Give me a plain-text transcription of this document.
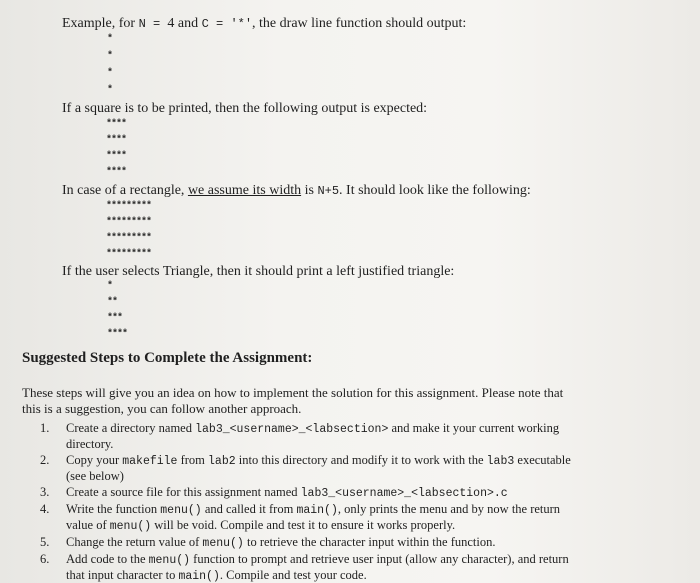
Example, for N = 4 and C = '*', the draw line function should output:
*
*
*
*
If a square is to be printed, then the following output is expected:
****
****
****
****
In case of a rectangle, we assume its width is N+5. It should look like the following:
*********
*********
*********
*********
If the user selects Triangle, then it should print a left justified triangle:
*
**
***
****
Suggested Steps to Complete the Assignment:
These steps will give you an idea on how to implement the solution for this assignment. Please note that this is a suggestion, you can follow another approach.
1. Create a directory named lab3_<username>_<labsection> and make it your current working directory.
2. Copy your makefile from lab2 into this directory and modify it to work with the lab3 executable (see below)
3. Create a source file for this assignment named lab3_<username>_<labsection>.c
4. Write the function menu() and called it from main(), only prints the menu and by now the return value of menu() will be void. Compile and test it to ensure it works properly.
5. Change the return value of menu() to retrieve the character input within the function.
6. Add code to the menu() function to prompt and retrieve user input (allow any character), and return that input character to main(). Compile and test your code.
